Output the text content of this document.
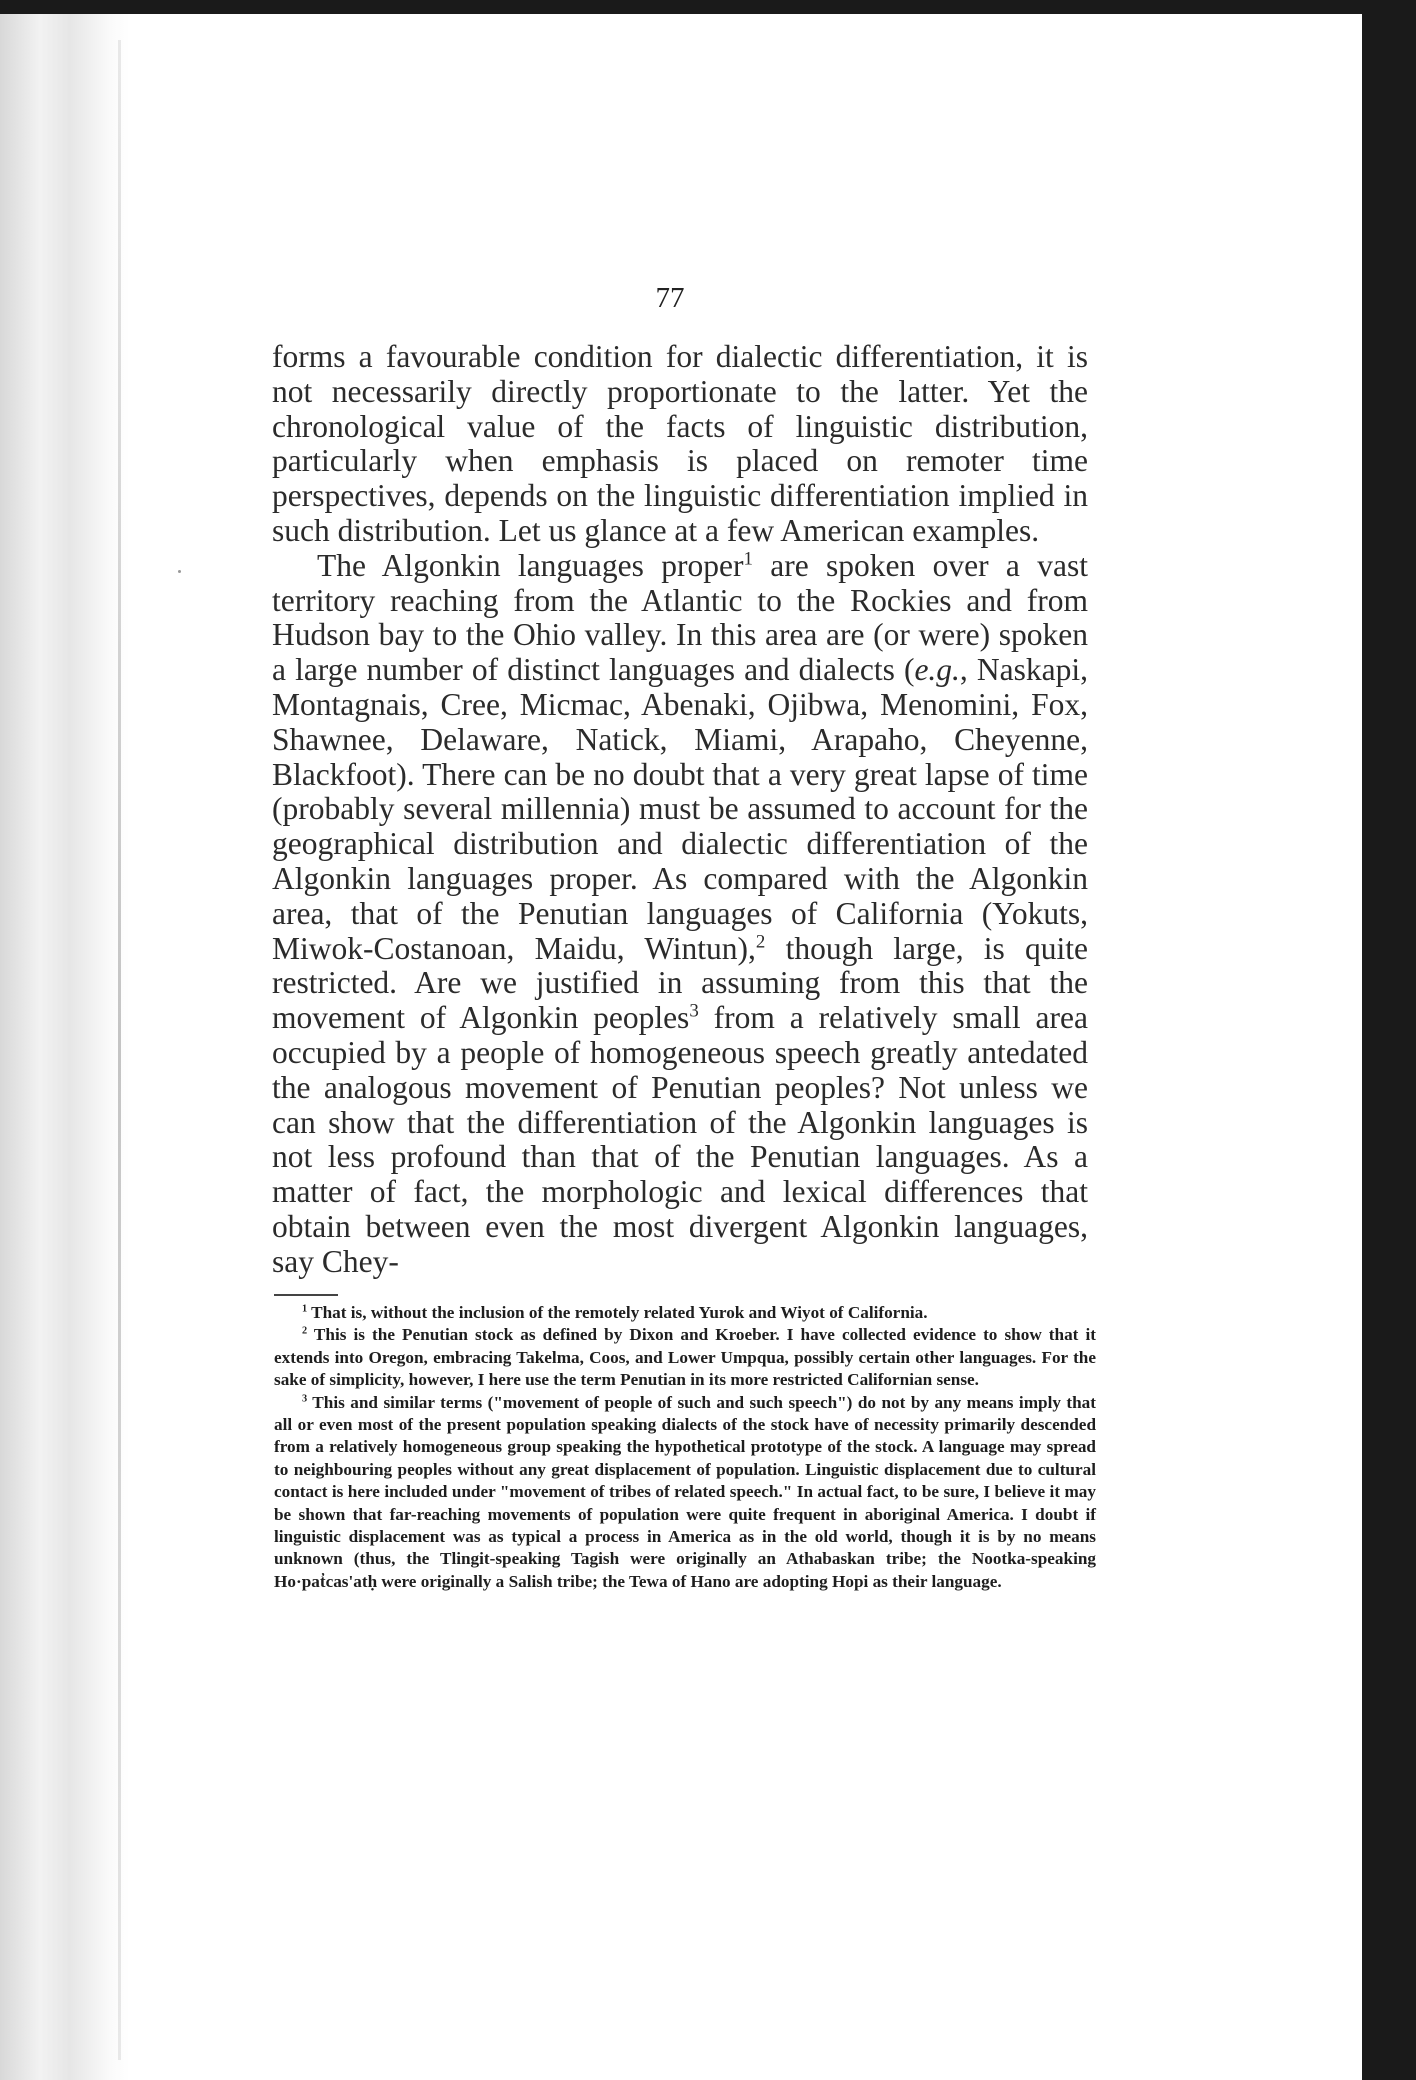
77

forms a favourable condition for dialectic differentiation, it is not necessarily directly proportionate to the latter. Yet the chronological value of the facts of linguistic distribution, particularly when emphasis is placed on remoter time perspectives, depends on the linguistic differentiation implied in such distribution. Let us glance at a few American examples.

The Algonkin languages proper$^1$ are spoken over a vast territory reaching from the Atlantic to the Rockies and from Hudson bay to the Ohio valley. In this area are (or were) spoken a large number of distinct languages and dialects (e.g., Naskapi, Montagnais, Cree, Micmac, Abenaki, Ojibwa, Menomini, Fox, Shawnee, Delaware, Natick, Miami, Arapaho, Cheyenne, Blackfoot). There can be no doubt that a very great lapse of time (probably several millennia) must be assumed to account for the geographical distribution and dialectic differentiation of the Algonkin languages proper. As compared with the Algonkin area, that of the Penutian languages of California (Yokuts, Miwok-Costanoan, Maidu, Wintun),$^2$ though large, is quite restricted. Are we justified in assuming from this that the movement of Algonkin peoples$^3$ from a relatively small area occupied by a people of homogeneous speech greatly antedated the analogous movement of Penutian peoples? Not unless we can show that the differentiation of the Algonkin languages is not less profound than that of the Penutian languages. As a matter of fact, the morphologic and lexical differences that obtain between even the most divergent Algonkin languages, say Chey-

$^1$ That is, without the inclusion of the remotely related Yurok and Wiyot of California.

$^2$ This is the Penutian stock as defined by Dixon and Kroeber. I have collected evidence to show that it extends into Oregon, embracing Takelma, Coos, and Lower Umpqua, possibly certain other languages. For the sake of simplicity, however, I here use the term Penutian in its more restricted Californian sense.

$^3$ This and similar terms ("movement of people of such and such speech") do not by any means imply that all or even most of the present population speaking dialects of the stock have of necessity primarily descended from a relatively homogeneous group speaking the hypothetical prototype of the stock. A language may spread to neighbouring peoples without any great displacement of population. Linguistic displacement due to cultural contact is here included under "movement of tribes of related speech." In actual fact, to be sure, I believe it may be shown that far-reaching movements of population were quite frequent in aboriginal America. I doubt if linguistic displacement was as typical a process in America as in the old world, though it is by no means unknown (thus, the Tlingit-speaking Tagish were originally an Athabaskan tribe; the Nootka-speaking Ho·pat̓cas'atḥ were originally a Salish tribe; the Tewa of Hano are adopting Hopi as their language.
